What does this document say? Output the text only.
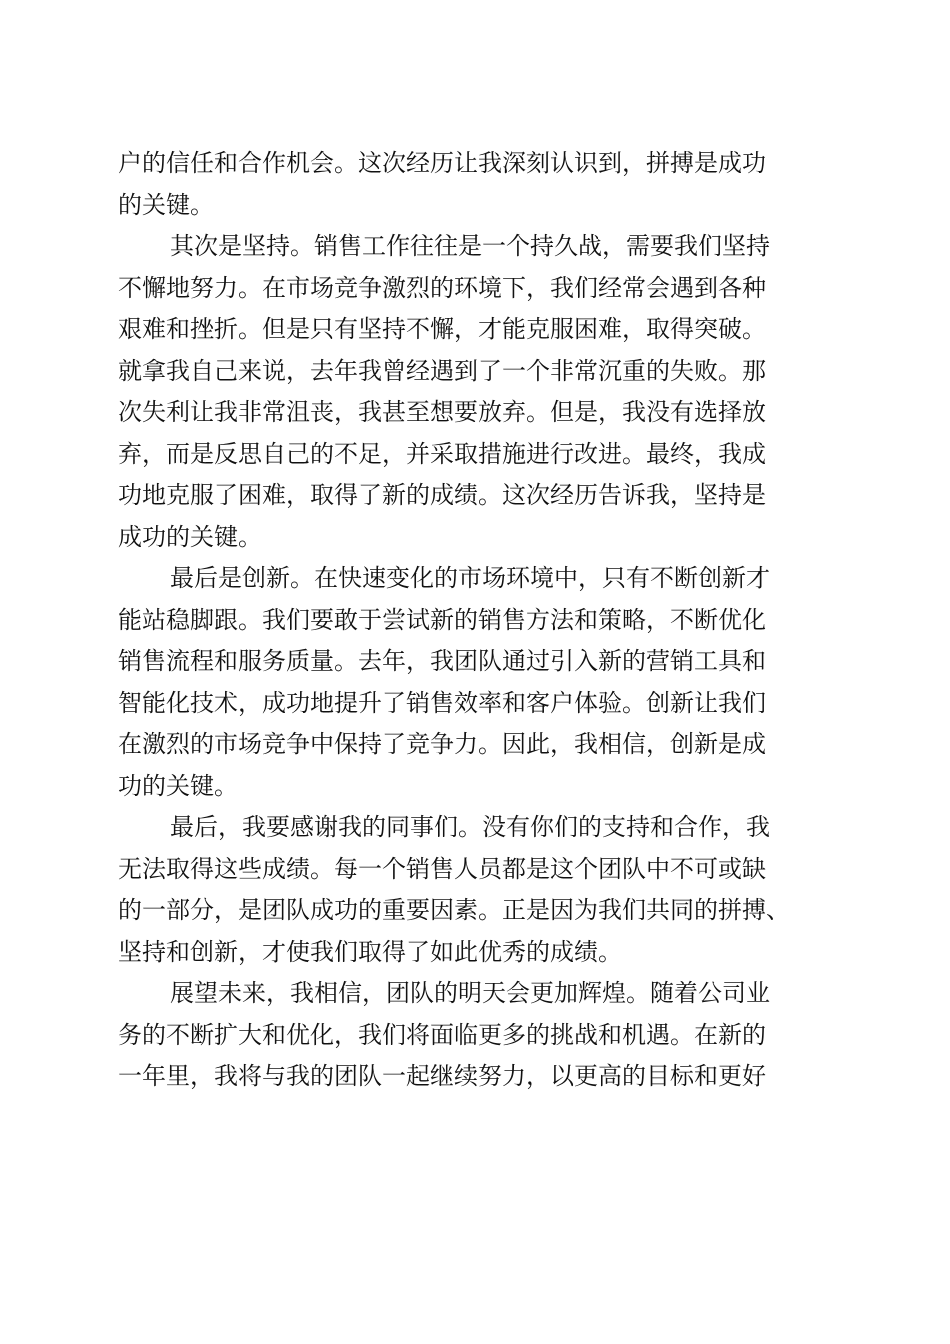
户的信任和合作机会。这次经历让我深刻认识到，拼搏是成功
的关键。
其次是坚持。销售工作往往是一个持久战，需要我们坚持
不懈地努力。在市场竞争激烈的环境下，我们经常会遇到各种
艰难和挫折。但是只有坚持不懈，才能克服困难，取得突破。
就拿我自己来说，去年我曾经遇到了一个非常沉重的失败。那
次失利让我非常沮丧，我甚至想要放弃。但是，我没有选择放
弃，而是反思自己的不足，并采取措施进行改进。最终，我成
功地克服了困难，取得了新的成绩。这次经历告诉我，坚持是
成功的关键。
最后是创新。在快速变化的市场环境中，只有不断创新才
能站稳脚跟。我们要敢于尝试新的销售方法和策略，不断优化
销售流程和服务质量。去年，我团队通过引入新的营销工具和
智能化技术，成功地提升了销售效率和客户体验。创新让我们
在激烈的市场竞争中保持了竞争力。因此，我相信，创新是成
功的关键。
最后，我要感谢我的同事们。没有你们的支持和合作，我
无法取得这些成绩。每一个销售人员都是这个团队中不可或缺
的一部分，是团队成功的重要因素。正是因为我们共同的拼搏、
坚持和创新，才使我们取得了如此优秀的成绩。
展望未来，我相信，团队的明天会更加辉煌。随着公司业
务的不断扩大和优化，我们将面临更多的挑战和机遇。在新的
一年里，我将与我的团队一起继续努力，以更高的目标和更好
